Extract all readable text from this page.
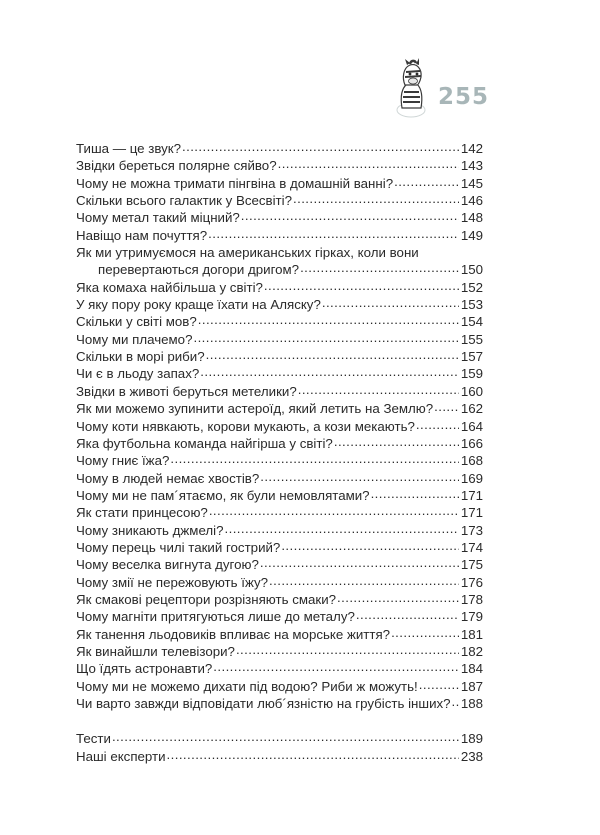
255
Тиша — це звук? .....	142
Звідки береться полярне сяйво? .....	143
Чому не можна тримати пінгвіна в домашній ванні? .....	145
Скільки всього галактик у Всесвіті? .....	146
Чому метал такий міцний? .....	148
Навіщо нам почуття? .....	149
Як ми утримуємося на американських гірках, коли вони
перевертаються догори дригом? .....	150
Яка комаха найбільша у світі? .....	152
У яку пору року краще їхати на Аляску? .....	153
Скільки у світі мов? .....	154
Чому ми плачемо? .....	155
Скільки в морі риби? .....	157
Чи є в льоду запах? .....	159
Звідки в животі беруться метелики? .....	160
Як ми можемо зупинити астероїд, який летить на Землю? ..... 162
Чому коти нявкають, корови мукають, а кози мекають? .....	164
Яка футбольна команда найгірша у світі? .....	166
Чому гниє їжа? .....	168
Чому в людей немає хвостів? .....	169
Чому ми не пам´ятаємо, як були немовлятами? .....	171
Як стати принцесою? .....	171
Чому зникають джмелі? .....	173
Чому перець чилі такий гострий? .....	174
Чому веселка вигнута дугою? .....	175
Чому змії не пережовують їжу? .....	176
Як смакові рецептори розрізняють смаки? .....	178
Чому магніти притягуються лише до металу? .....	179
Як танення льодовиків впливає на морське життя? .....	181
Як винайшли телевізори? .....	182
Що їдять астронавти? .....	184
Чому ми не можемо дихати під водою? Риби ж можуть! .....	187
Чи варто завжди відповідати люб´язністю на грубість інших? ..... 188
Тести .....	189
Наші експерти .....	238
